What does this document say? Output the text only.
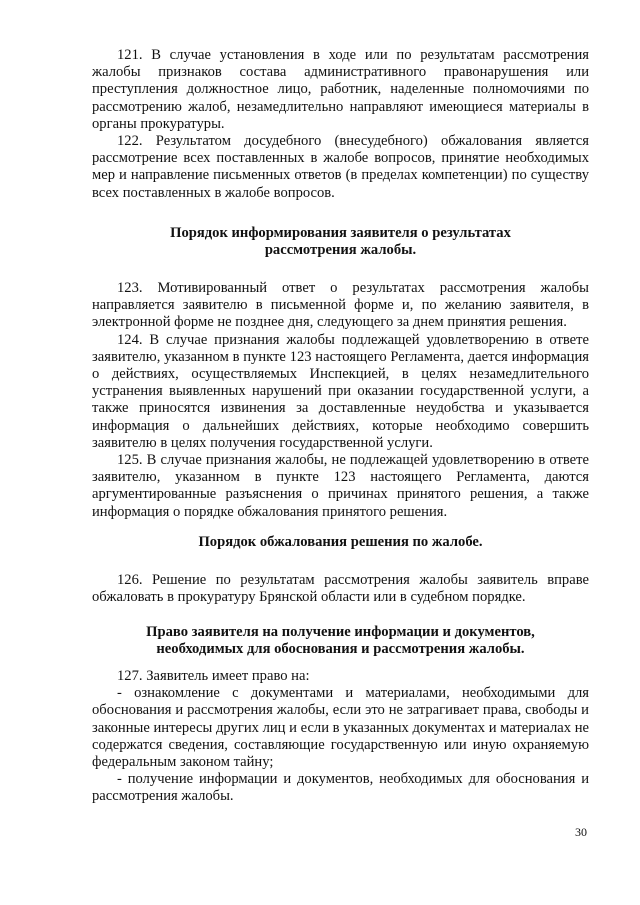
121. В случае установления в ходе или по результатам рассмотрения жалобы признаков состава административного правонарушения или преступления должностное лицо, работник, наделенные полномочиями по рассмотрению жалоб, незамедлительно направляют имеющиеся материалы в органы прокуратуры.

122. Результатом досудебного (внесудебного) обжалования является рассмотрение всех поставленных в жалобе вопросов, принятие необходимых мер и направление письменных ответов (в пределах компетенции) по существу всех поставленных в жалобе вопросов.

Порядок информирования заявителя о результатах
рассмотрения жалобы.

123. Мотивированный ответ о результатах рассмотрения жалобы направляется заявителю в письменной форме и, по желанию заявителя, в электронной форме не позднее дня, следующего за днем принятия решения.

124. В случае признания жалобы подлежащей удовлетворению в ответе заявителю, указанном в пункте 123 настоящего Регламента, дается информация о действиях, осуществляемых Инспекцией, в целях незамедлительного устранения выявленных нарушений при оказании государственной услуги, а также приносятся извинения за доставленные неудобства и указывается информация о дальнейших действиях, которые необходимо совершить заявителю в целях получения государственной услуги.

125. В случае признания жалобы, не подлежащей удовлетворению в ответе заявителю, указанном в пункте 123 настоящего Регламента, даются аргументированные разъяснения о причинах принятого решения, а также информация о порядке обжалования принятого решения.

Порядок обжалования решения по жалобе.

126. Решение по результатам рассмотрения жалобы заявитель вправе обжаловать в прокуратуру Брянской области или в судебном порядке.

Право заявителя на получение информации и документов,
необходимых для обоснования и рассмотрения жалобы.

127. Заявитель имеет право на:

- ознакомление с документами и материалами, необходимыми для обоснования и рассмотрения жалобы, если это не затрагивает права, свободы и законные интересы других лиц и если в указанных документах и материалах не содержатся сведения, составляющие государственную или иную охраняемую федеральным законом тайну;

- получение информации и документов, необходимых для обоснования и рассмотрения жалобы.

30
